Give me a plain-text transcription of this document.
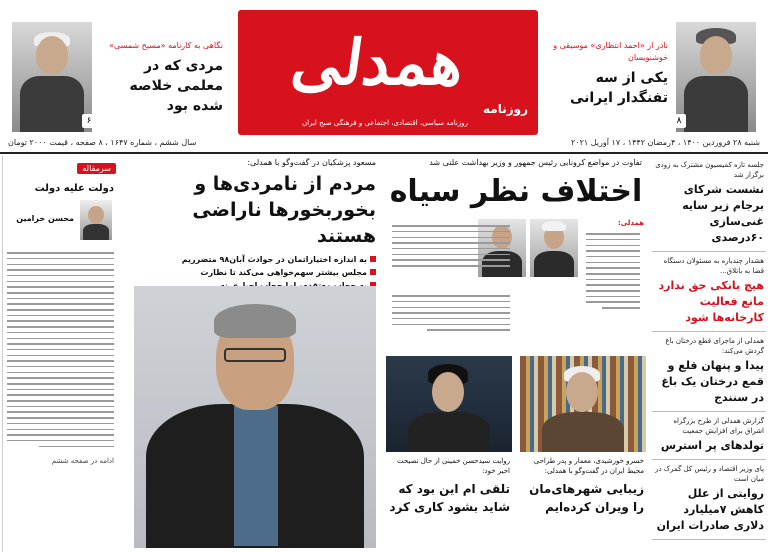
۶
نگاهی به کارنامه «مسیح شمسی»
مردی که در معلمی خلاصه شده بود
همدلی
روزنامه
روزنامه سیاسی، اقتصادی، اجتماعی و فرهنگی صبح ایران	۸
نادر از «احمد انتظاری» موسیقی و خوشنویسان
یکی از سه تفنگدار ایرانی
شنبه ۲۸ فروردین ۱۴۰۰ ، ۴رمضان ۱۴۴۲ ، ۱۷ آوریل ۲۰۲۱
سال ششم ، شماره ۱۶۴۷ ، ۸ صفحه ، قیمت ۲۰۰۰ تومان
جلسه تازه کمیسیون مشترک به زودی برگزار شد
نشست شرکای برجام زیر سایه غنی‌سازی ۶۰درصدی
هشدار چندباره به مسئولان دستگاه قضا به باتلاق...
هیچ بانکی حق ندارد مانع فعالیت کارخانه‌ها شود
همدلی از ماجرای قطع درختان باغ گردش می‌کند:
پیدا و پنهان قلع و قمع درختان یک باغ در سنندج
گزارش همدلی از طرح بزرگراه اشراق برای افزایش جمعیت
تولدهای پر استرس
پای وزیر اقتصاد و رئیس کل گمرک در میان است
روایتی از علل کاهش ۷میلیارد دلاری صادرات ایران
تفاوت در مواضع کرونایی رئیس جمهور و وزیر بهداشت علنی شد
اختلاف نظر سیاه
همدلی:
خسرو خورشیدی، معمار و پدر طراحی محیط ایران در گفت‌وگو با همدلی:
زیبایی شهرهای‌مان را ویران کرده‌ایم
روایت سیدحسن خمینی از حال نصیحت اخیر خود:
تلقی ام این بود که شاید بشود کاری کرد
مسعود پزشکیان در گفت‌وگو با همدلی:
مردم از نامردی‌ها و بخوربخورها ناراضی هستند
به اندازه اختیاراتمان در حوادث آبان۹۸ متضرریم
مجلس بیشتر سهم‌خواهی می‌کند تا نظارت
سرمقاله
دولت علیه دولت
محسن خرامین
ادامه در صفحه ششم
